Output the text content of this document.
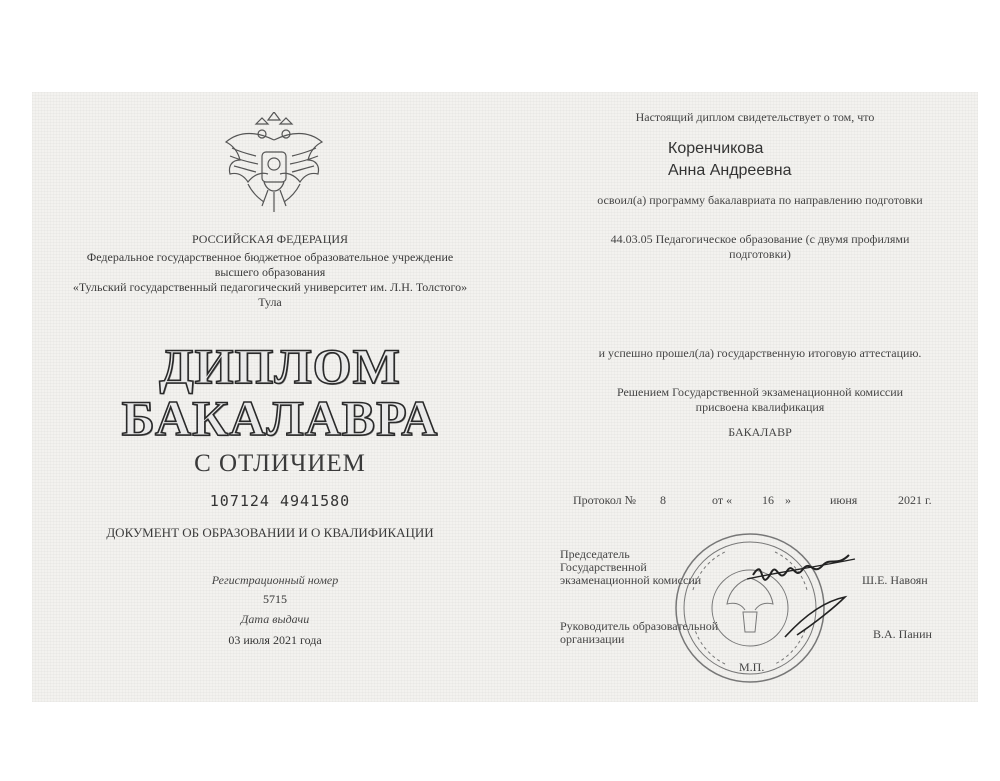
РОССИЙСКАЯ ФЕДЕРАЦИЯ
Федеральное государственное бюджетное образовательное учреждение
высшего образования
«Тульский государственный педагогический университет им. Л.Н. Толстого»
Тула
ДИПЛОМ
БАКАЛАВРА
С ОТЛИЧИЕМ
107124 4941580
ДОКУМЕНТ ОБ ОБРАЗОВАНИИ И О КВАЛИФИКАЦИИ
Регистрационный номер
5715
Дата выдачи
03 июля 2021 года
Настоящий диплом свидетельствует о том, что
Коренчикова
Анна Андреевна
освоил(а) программу бакалавриата по направлению подготовки
44.03.05 Педагогическое образование (с двумя профилями
подготовки)
и успешно прошел(ла) государственную итоговую аттестацию.
Решением Государственной экзаменационной комиссии
присвоена квалификация
БАКАЛАВР
Протокол № 8	от « 16 »	июня	2021 г.
Председатель
Государственной
экзаменационной комиссии	Ш.Е. Навоян
Руководитель образовательной
организации	В.А. Панин
М.П.
